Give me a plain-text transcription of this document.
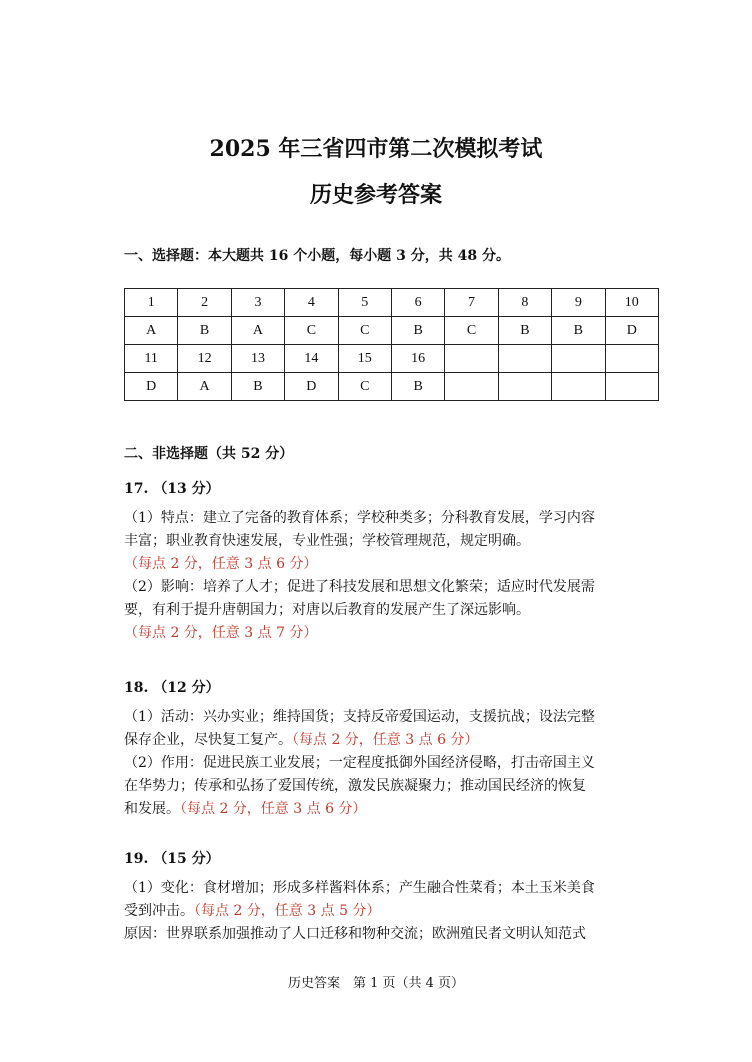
2025 年三省四市第二次模拟考试
历史参考答案
一、选择题：本大题共 16 个小题，每小题 3 分，共 48 分。
1	2	3	4	5	6	7	8	9	10
A	B	A	C	C	B	C	B	B	D
11	12	13	14	15	16				
D	A	B	D	C	B				
二、非选择题（共 52 分）
17. （13 分）
（1）特点：建立了完备的教育体系；学校种类多；分科教育发展，学习内容
丰富；职业教育快速发展，专业性强；学校管理规范，规定明确。
（每点 2 分，任意 3 点 6 分）
（2）影响：培养了人才；促进了科技发展和思想文化繁荣；适应时代发展需
要，有利于提升唐朝国力；对唐以后教育的发展产生了深远影响。
（每点 2 分，任意 3 点 7 分）
18. （12 分）
（1）活动：兴办实业；维持国货；支持反帝爱国运动，支援抗战；设法完整
保存企业，尽快复工复产。（每点 2 分，任意 3 点 6 分）
（2）作用：促进民族工业发展；一定程度抵御外国经济侵略，打击帝国主义
在华势力；传承和弘扬了爱国传统，激发民族凝聚力；推动国民经济的恢复
和发展。（每点 2 分，任意 3 点 6 分）
19. （15 分）
（1）变化：食材增加；形成多样酱料体系；产生融合性菜肴；本土玉米美食
受到冲击。（每点 2 分，任意 3 点 5 分）
原因：世界联系加强推动了人口迁移和物种交流；欧洲殖民者文明认知范式
历史答案　第 1 页（共 4 页）
